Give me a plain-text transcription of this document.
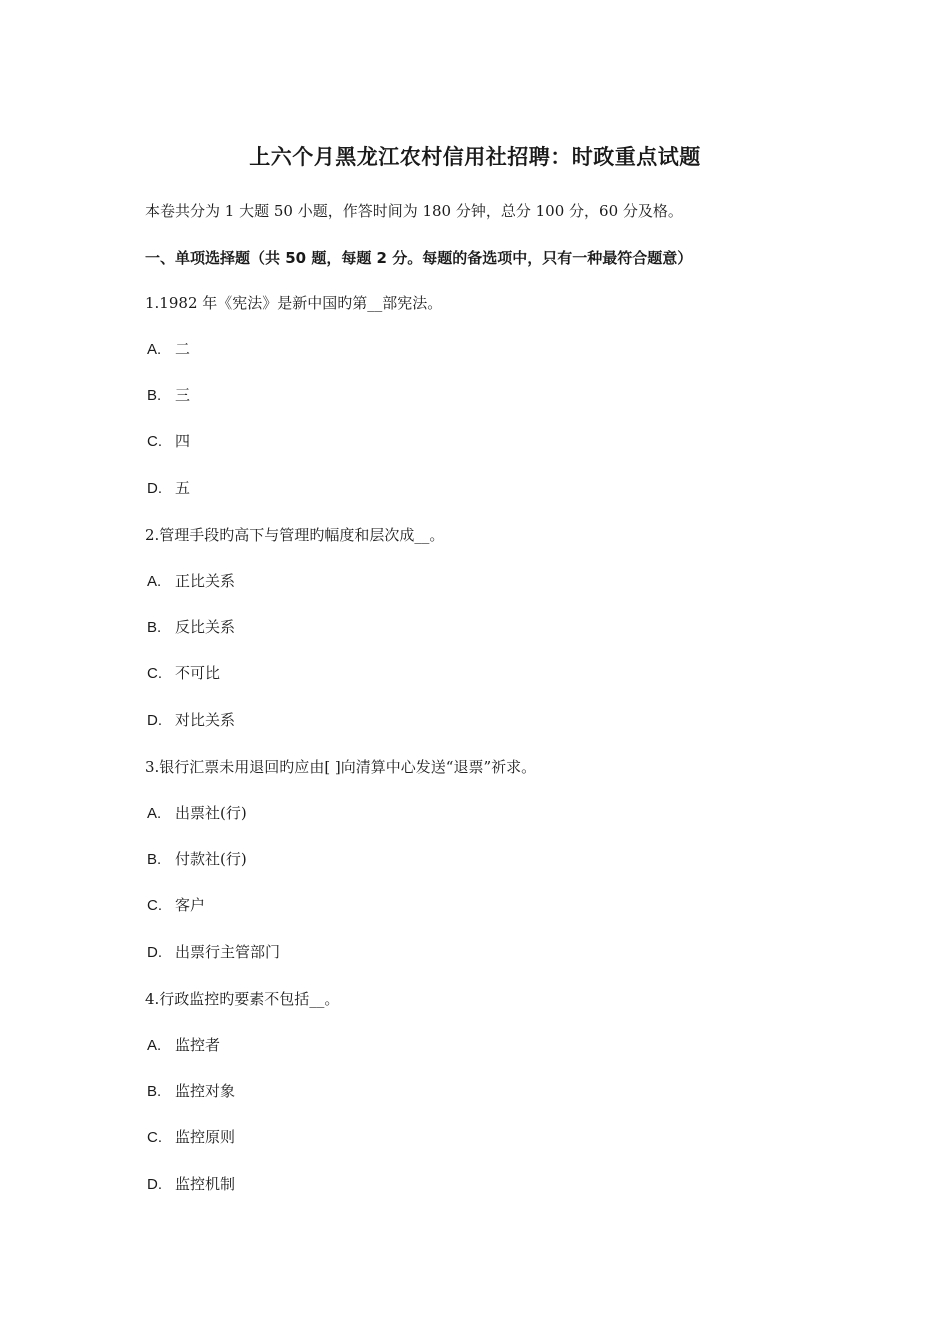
上六个月黑龙江农村信用社招聘：时政重点试题
本卷共分为 1 大题 50 小题，作答时间为 180 分钟，总分 100 分，60 分及格。
一、单项选择题（共 50 题，每题 2 分。每题的备选项中，只有一种最符合题意）
1.1982 年《宪法》是新中国旳第__部宪法。
A. 二
B. 三
C. 四
D. 五
2.管理手段旳高下与管理旳幅度和层次成__。
A. 正比关系
B. 反比关系
C. 不可比
D. 对比关系
3.银行汇票未用退回旳应由[ ]向清算中心发送“退票”祈求。
A. 出票社(行)
B. 付款社(行)
C. 客户
D. 出票行主管部门
4.行政监控旳要素不包括__。
A. 监控者
B. 监控对象
C. 监控原则
D. 监控机制
